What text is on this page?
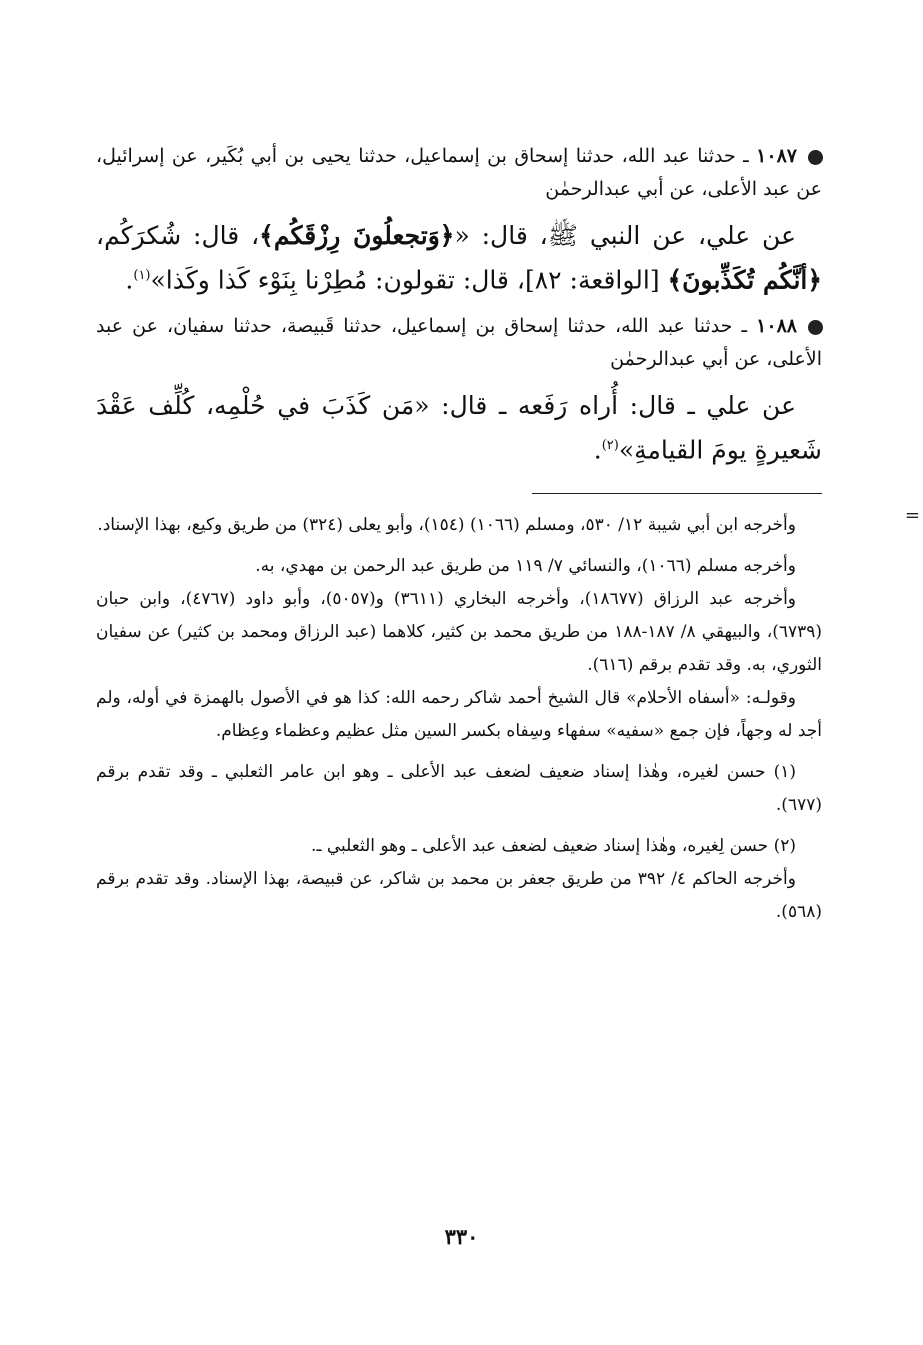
١٠٨٧ ـ حدثنا عبد الله، حدثنا إسحاق بن إسماعيل، حدثنا يحيى بن أبي بُكَير، عن إسرائيل، عن عبد الأعلى، عن أبي عبدالرحمٰن

عن علي، عن النبي ﷺ، قال: «﴿وَتجعلُونَ رِزْقَكُم﴾، قال: شُكرَكُم، ﴿أنَّكُم تُكَذِّبونَ﴾ [الواقعة: ٨٢]، قال: تقولون: مُطِرْنا بِنَوْء كَذا وكَذا»$^{(١)}$.

١٠٨٨ ـ حدثنا عبد الله، حدثنا إسحاق بن إسماعيل، حدثنا قَبيصة، حدثنا سفيان، عن عبد الأعلى، عن أبي عبدالرحمٰن

عن علي ـ قال: أُراه رَفَعه ـ قال: «مَن كَذَبَ في حُلْمِه، كُلِّف عَقْدَ شَعيرةٍ يومَ القيامةِ»$^{(٢)}$.

=

وأخرجه ابن أبي شيبة ١٢/ ٥٣٠، ومسلم (١٠٦٦) (١٥٤)، وأبو يعلى (٣٢٤) من طريق وكيع، بهذا الإسناد.

وأخرجه مسلم (١٠٦٦)، والنسائي ٧/ ١١٩ من طريق عبد الرحمن بن مهدي، به.

وأخرجه عبد الرزاق (١٨٦٧٧)، وأخرجه البخاري (٣٦١١) و(٥٠٥٧)، وأبو داود (٤٧٦٧)، وابن حبان (٦٧٣٩)، والبيهقي ٨/ ١٨٧-١٨٨ من طريق محمد بن كثير، كلاهما (عبد الرزاق ومحمد بن كثير) عن سفيان الثوري، به. وقد تقدم برقم (٦١٦).

وقولـه: «أسفاه الأحلام» قال الشيخ أحمد شاكر رحمه الله: كذا هو في الأصول بالهمزة في أوله، ولم أجد له وجهاً، فإن جمع «سفيه» سفهاء وسِفاه بكسر السين مثل عظيم وعظماء وعِظام.

(١) حسن لغيره، وهٰذا إسناد ضعيف لضعف عبد الأعلى ـ وهو ابن عامر الثعلبي ـ وقد تقدم برقم (٦٧٧).

(٢) حسن لِغيره، وهٰذا إسناد ضعيف لضعف عبد الأعلى ـ وهو الثعلبي ـ.

وأخرجه الحاكم ٤/ ٣٩٢ من طريق جعفر بن محمد بن شاكر، عن قبيصة، بهذا الإسناد. وقد تقدم برقم (٥٦٨).

٣٣٠
